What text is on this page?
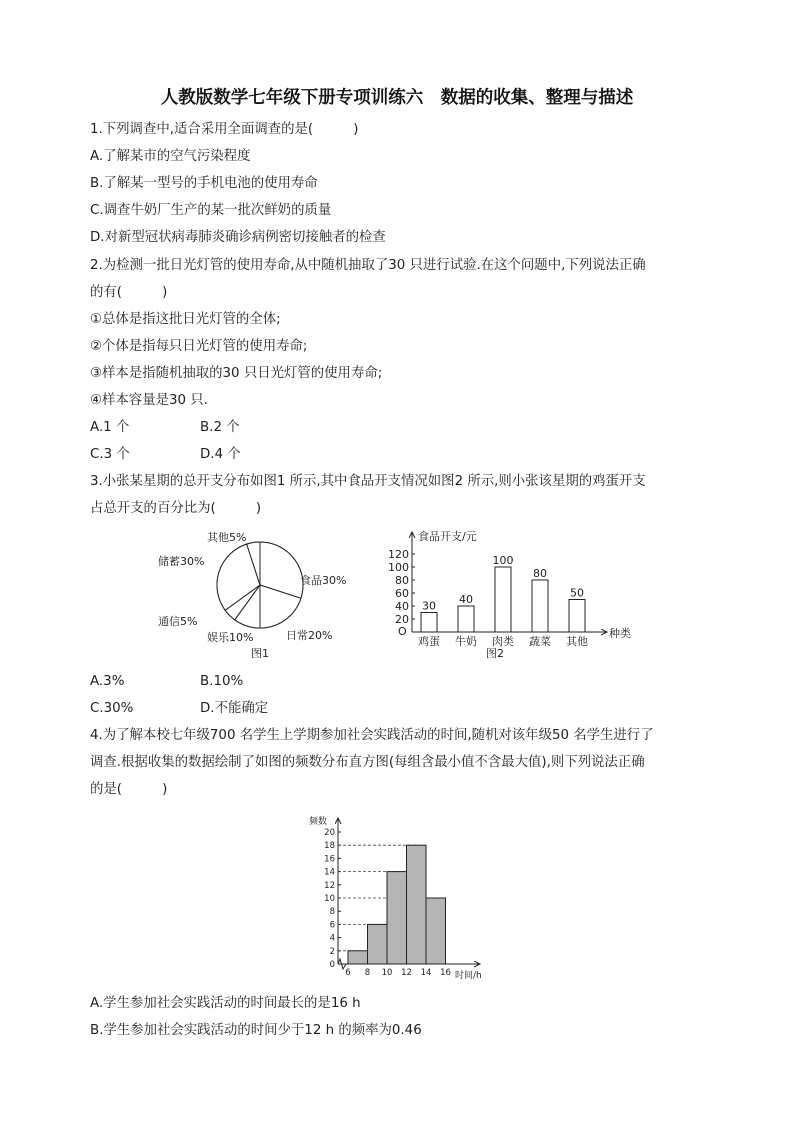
人教版数学七年级下册专项训练六　数据的收集、整理与描述
1.下列调查中,适合采用全面调查的是(　　　)
A.了解某市的空气污染程度
B.了解某一型号的手机电池的使用寿命
C.调查牛奶厂生产的某一批次鲜奶的质量
D.对新型冠状病毒肺炎确诊病例密切接触者的检查
2.为检测一批日光灯管的使用寿命,从中随机抽取了30 只进行试验.在这个问题中,下列说法正确
的有(　　　)
①总体是指这批日光灯管的全体;
②个体是指每只日光灯管的使用寿命;
③样本是指随机抽取的30 只日光灯管的使用寿命;
④样本容量是30 只.
A.1 个	B.2 个
C.3 个	D.4 个
3.小张某星期的总开支分布如图1 所示,其中食品开支情况如图2 所示,则小张该星期的鸡蛋开支
占总开支的百分比为(　　　)
其他5%
储蓄30%
食品30%
通信5%
日常20%
娱乐10%
图1
食品开支/元
种类
O
20
40
60
80
100
120
30
鸡蛋
40
牛奶
100
肉类
80
蔬菜
50
其他
图2
A.3%	B.10%
C.30%	D.不能确定
4.为了解本校七年级700 名学生上学期参加社会实践活动的时间,随机对该年级50 名学生进行了
调查.根据收集的数据绘制了如图的频数分布直方图(每组含最小值不含最大值),则下列说法正确
的是(　　　)
频数
时间/h
0
2
4
6
8
10
12
14
16
18
20
6 8 10 12 14 16
A.学生参加社会实践活动的时间最长的是16 h
B.学生参加社会实践活动的时间少于12 h 的频率为0.46
